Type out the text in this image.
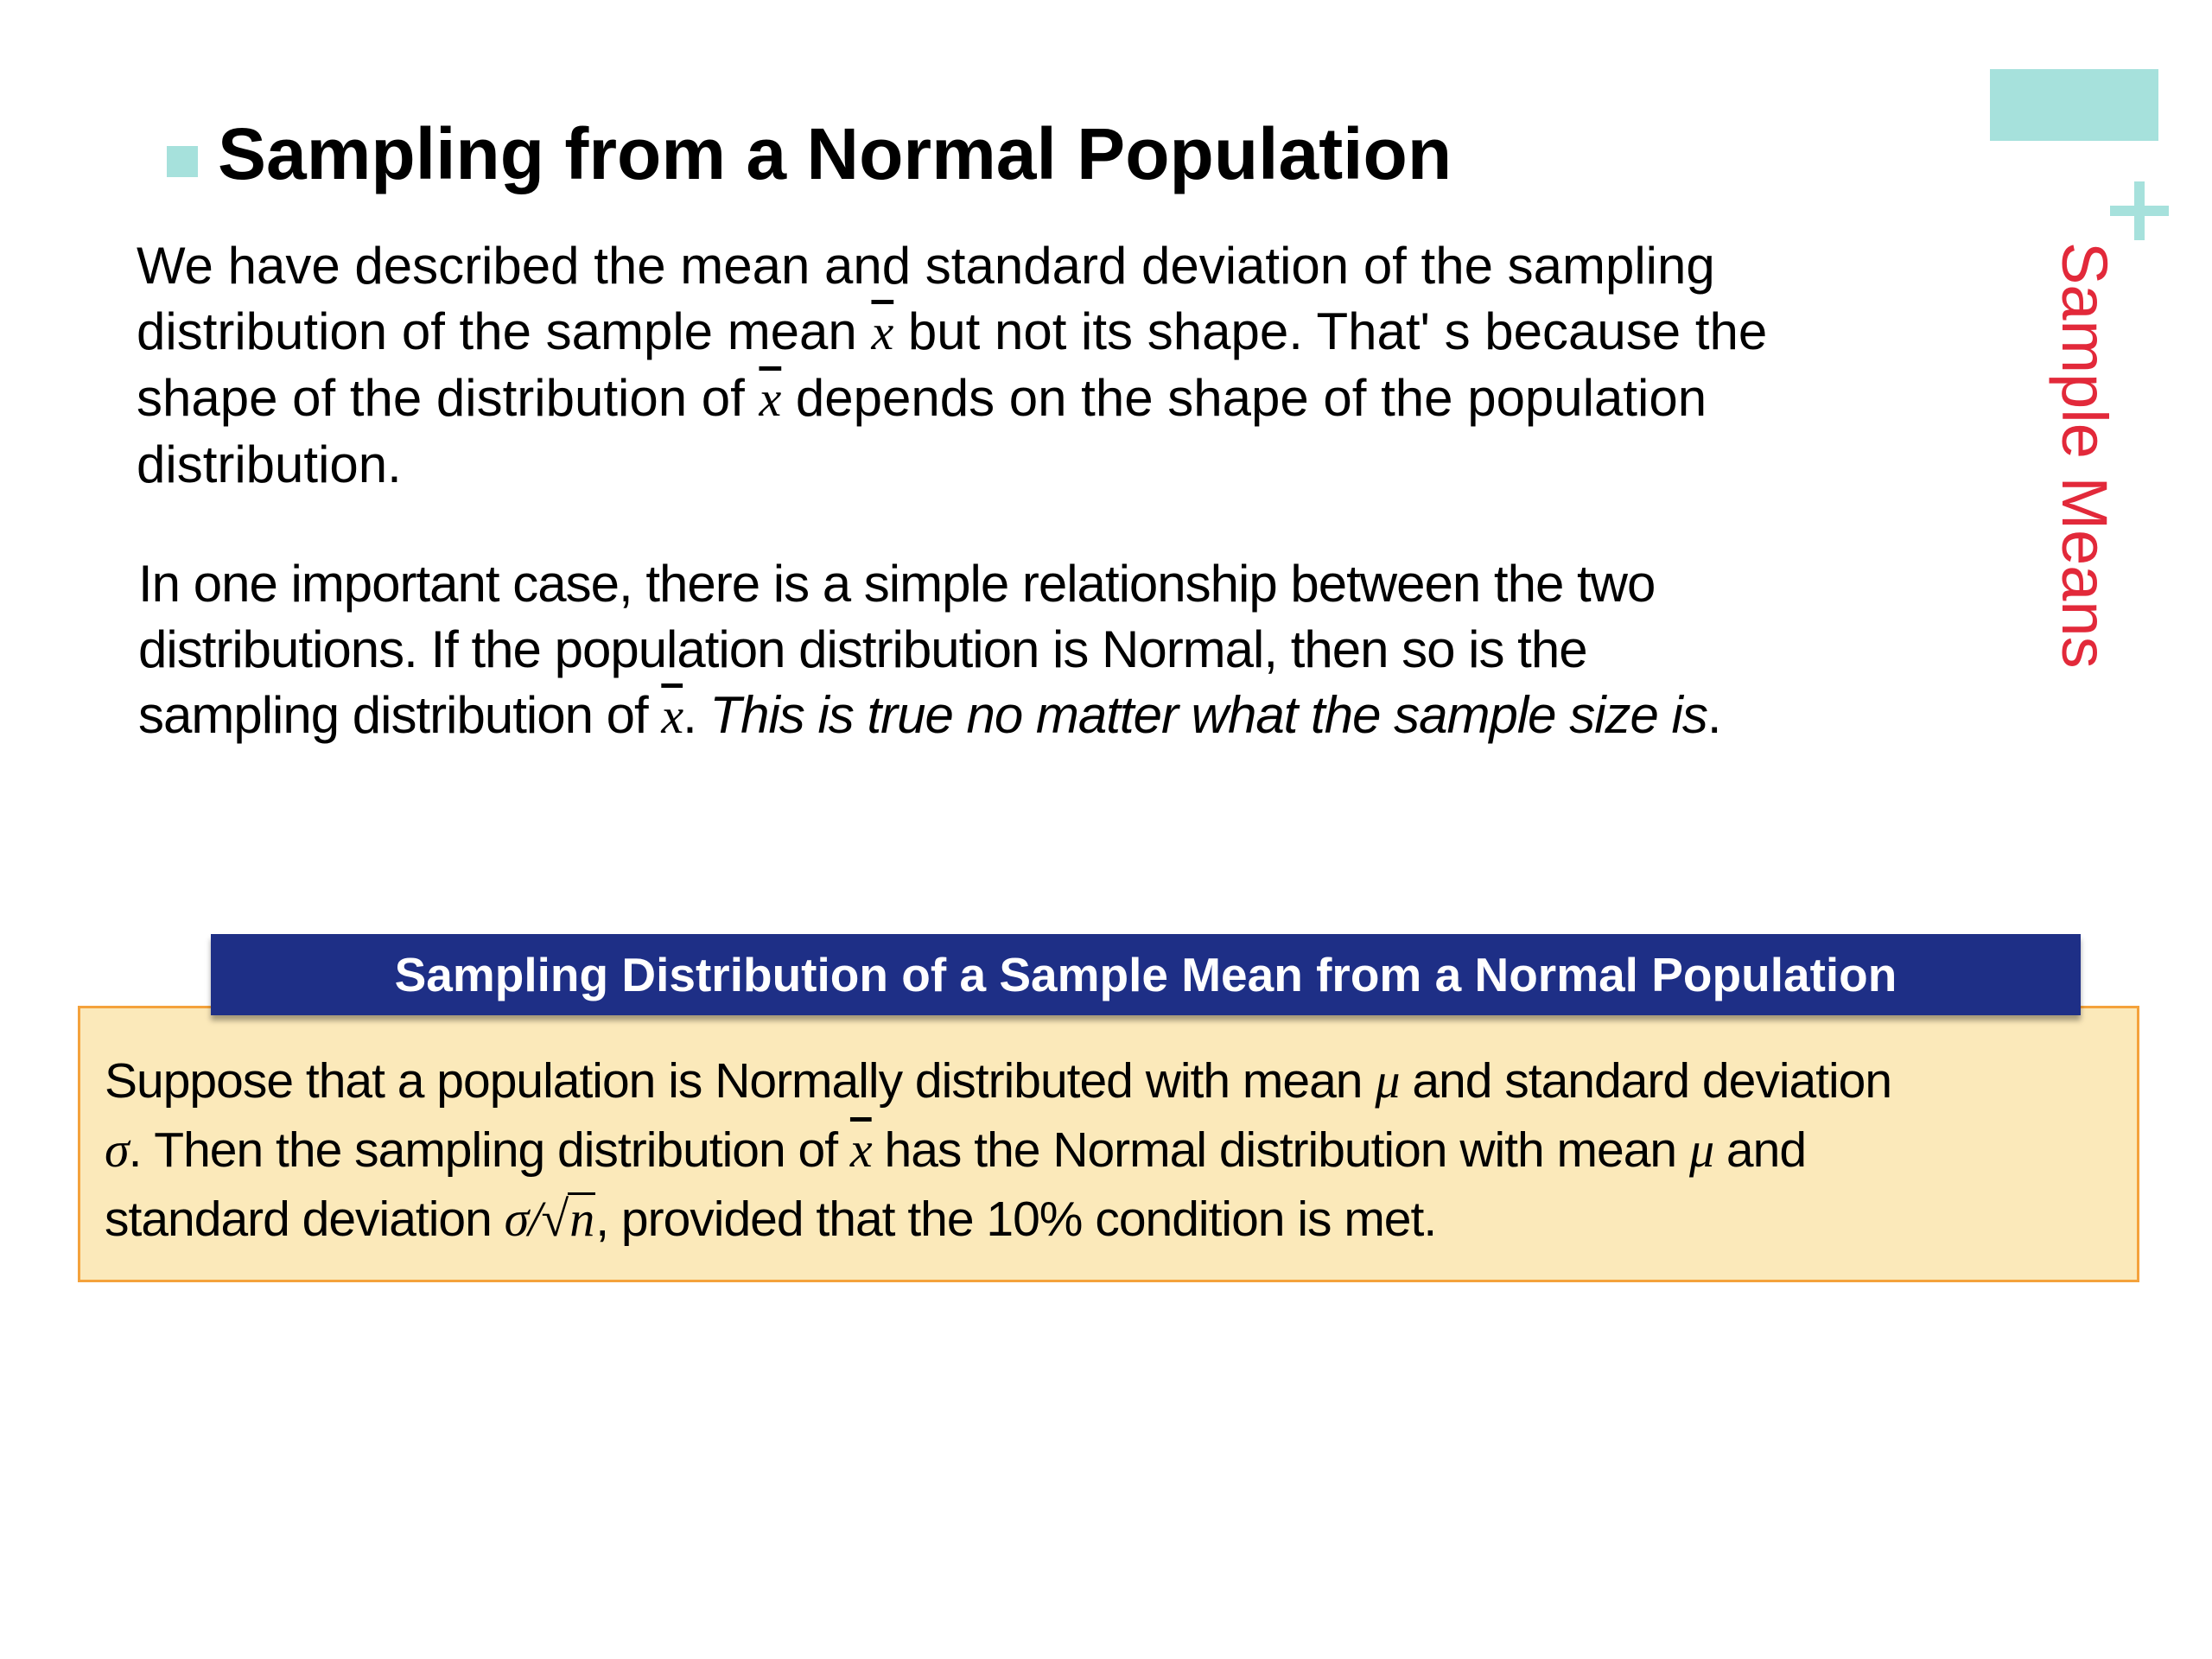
Sample Means
Sampling from a Normal Population
We have described the mean and standard deviation of the sampling
distribution of the sample mean $\overline{x}$ but not its shape. That' s because the
shape of the distribution of $\overline{x}$ depends on the shape of the population
distribution.
In one important case, there is a simple relationship between the two
distributions. If the population distribution is Normal, then so is the
sampling distribution of $\overline{x}$. This is true no matter what the sample size is.
Sampling Distribution of a Sample Mean from a Normal Population
Suppose that a population is Normally distributed with mean μ and standard deviation
σ. Then the sampling distribution of $\overline{x}$ has the Normal distribution with mean μ and
standard deviation σ/√n, provided that the 10% condition is met.
